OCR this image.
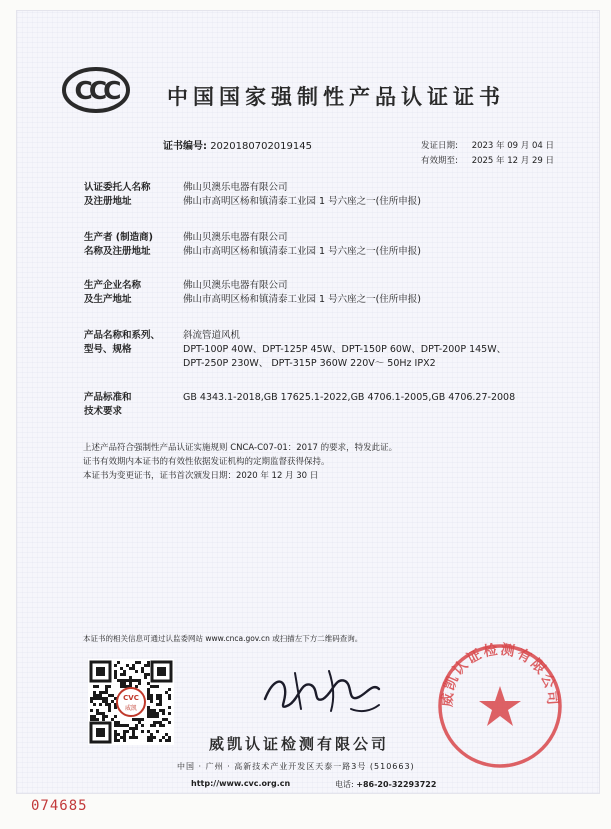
CCC 中国国家强制性产品认证证书
证书编号: 2020180702019145	发证日期: 2023 年 09 月 04 日
有效期至: 2025 年 12 月 29 日
认证委托人名称
及注册地址
佛山贝澳乐电器有限公司
佛山市高明区杨和镇清泰工业园 1 号六座之一(住所申报)
生产者 (制造商)
名称及注册地址
佛山贝澳乐电器有限公司
佛山市高明区杨和镇清泰工业园 1 号六座之一(住所申报)
生产企业名称
及生产地址
佛山贝澳乐电器有限公司
佛山市高明区杨和镇清泰工业园 1 号六座之一(住所申报)
产品名称和系列、
型号、规格
斜流管道风机
DPT-100P 40W、DPT-125P 45W、DPT-150P 60W、DPT-200P 145W、
DPT-250P 230W、 DPT-315P 360W 220V～ 50Hz IPX2
产品标准和
技术要求
GB 4343.1-2018,GB 17625.1-2022,GB 4706.1-2005,GB 4706.27-2008
上述产品符合强制性产品认证实施规则 CNCA-C07-01：2017 的要求，特发此证。
证书有效期内本证书的有效性依据发证机构的定期监督获得保持。
本证书为变更证书，证书首次颁发日期：2020 年 12 月 30 日
本证书的相关信息可通过认监委网站 www.cnca.gov.cn 或扫描左下方二维码查询。
CVC
威凯
威凯认证检测有限公司
中国 · 广州 · 高新技术产业开发区天泰一路3号 (510663)
http://www.cvc.org.cn	电话: +86-20-32293722
威凯认证检测有限公司
074685
